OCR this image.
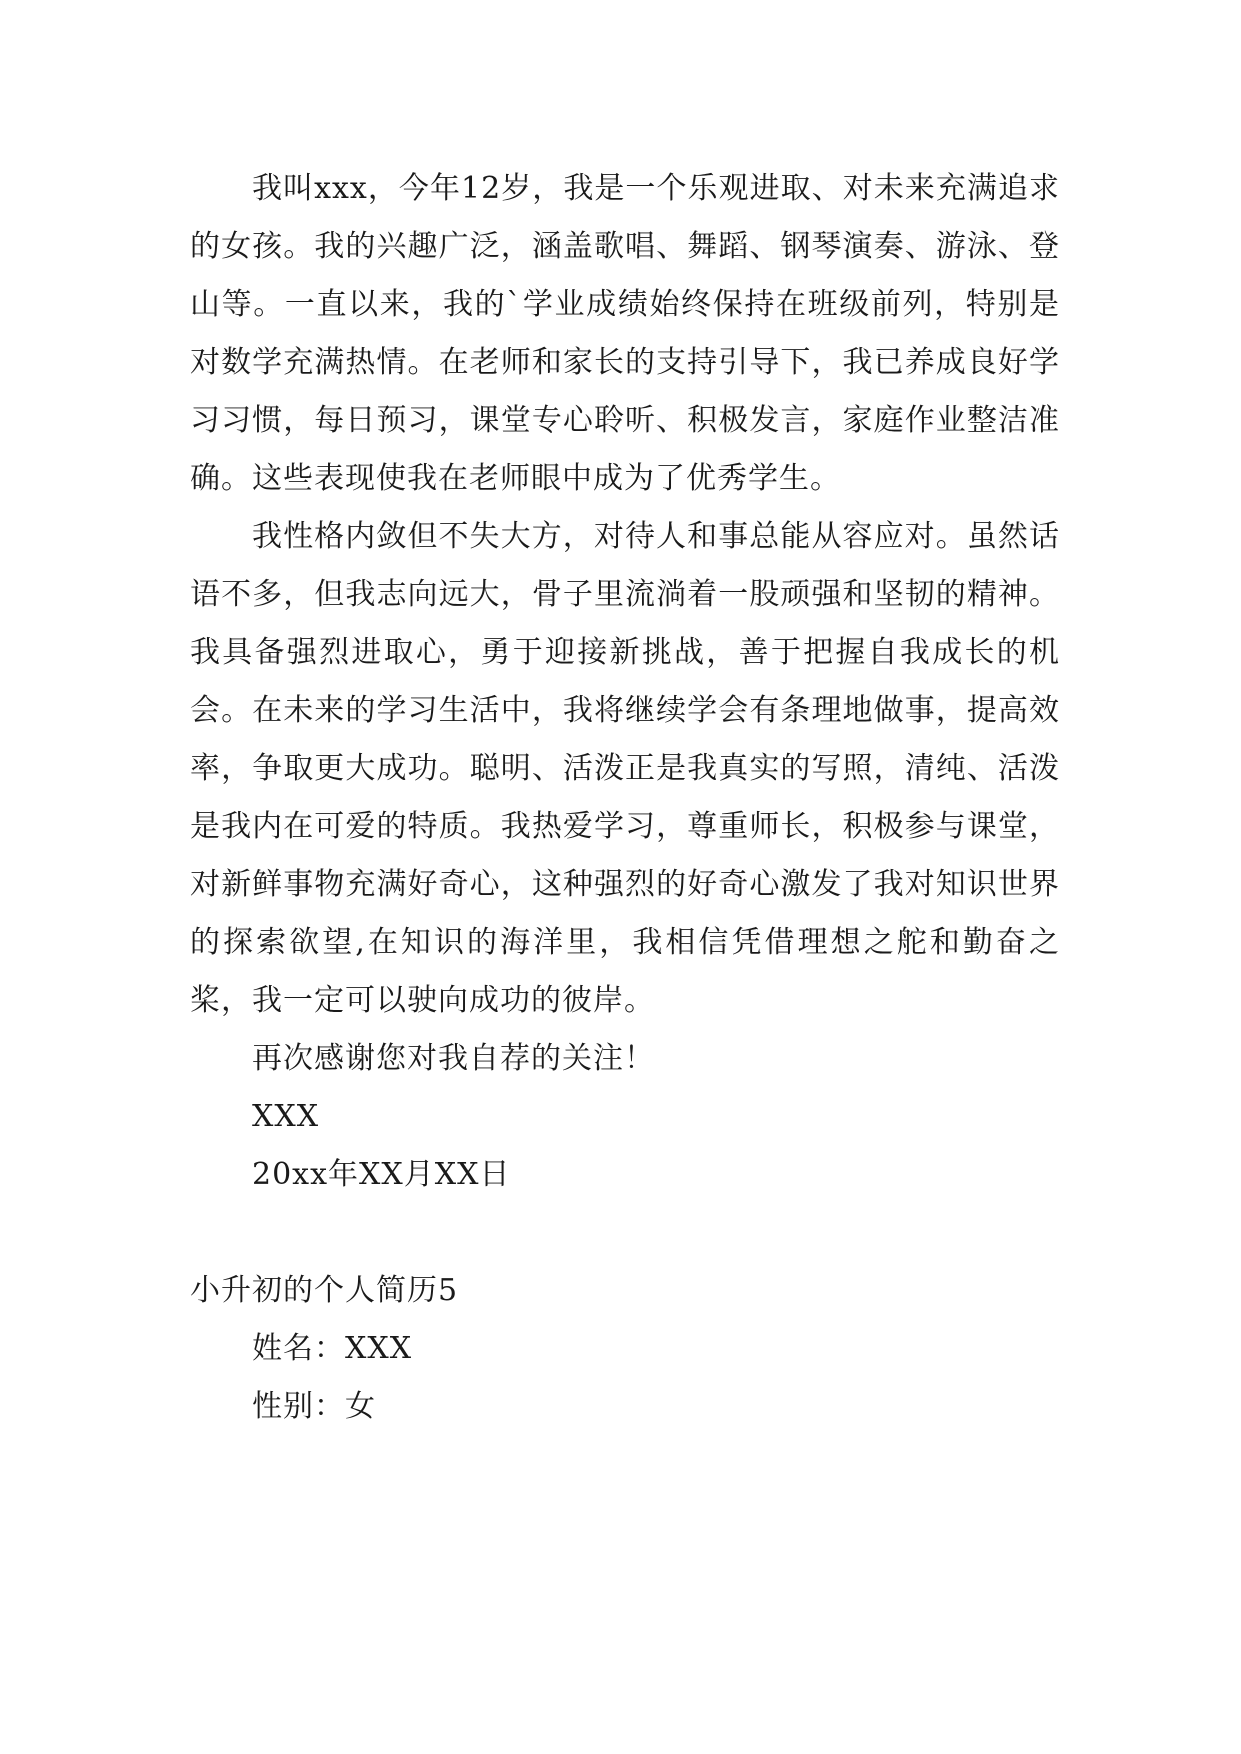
我叫xxx，今年12岁，我是一个乐观进取、对未来充满追求的女孩。我的兴趣广泛，涵盖歌唱、舞蹈、钢琴演奏、游泳、登山等。一直以来，我的`学业成绩始终保持在班级前列，特别是对数学充满热情。在老师和家长的支持引导下，我已养成良好学习习惯，每日预习，课堂专心聆听、积极发言，家庭作业整洁准确。这些表现使我在老师眼中成为了优秀学生。

我性格内敛但不失大方，对待人和事总能从容应对。虽然话语不多，但我志向远大，骨子里流淌着一股顽强和坚韧的精神。我具备强烈进取心，勇于迎接新挑战，善于把握自我成长的机会。在未来的学习生活中，我将继续学会有条理地做事，提高效率，争取更大成功。聪明、活泼正是我真实的写照，清纯、活泼是我内在可爱的特质。我热爱学习，尊重师长，积极参与课堂，对新鲜事物充满好奇心，这种强烈的好奇心激发了我对知识世界的探索欲望,在知识的海洋里，我相信凭借理想之舵和勤奋之桨，我一定可以驶向成功的彼岸。

再次感谢您对我自荐的关注！

XXX

20xx年XX月XX日

小升初的个人简历5

姓名：XXX

性别：女
